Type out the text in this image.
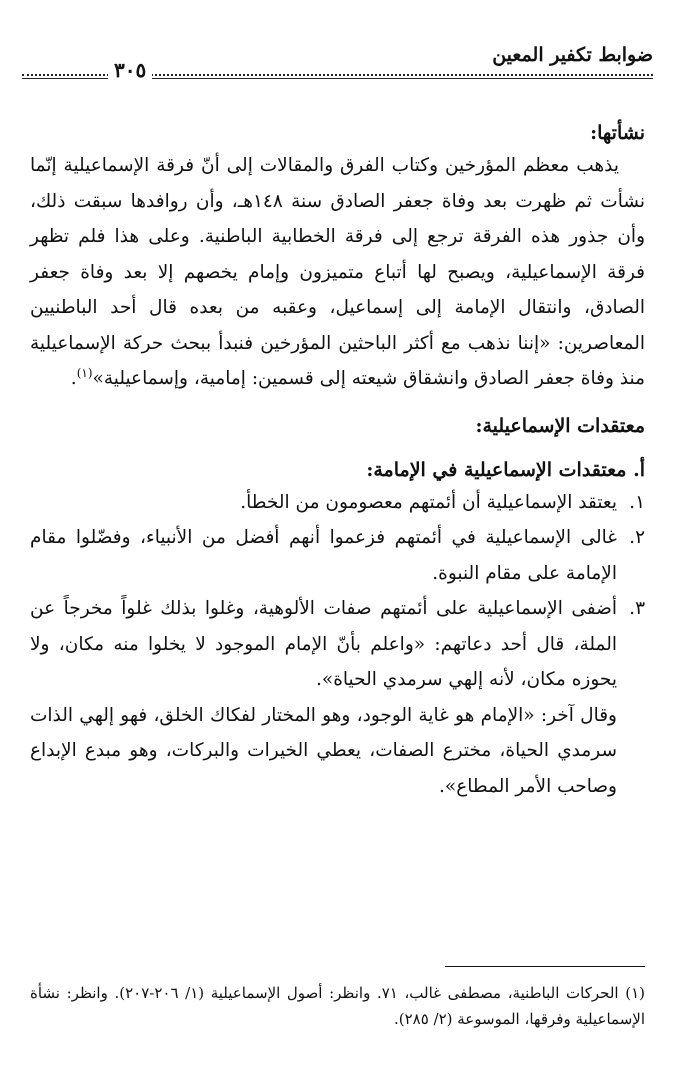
ضوابط تكفير المعين
٣٠٥
نشأتها:

يذهب معظم المؤرخين وكتاب الفرق والمقالات إلى أنّ فرقة الإسماعيلية إنّما نشأت ثم ظهرت بعد وفاة جعفر الصادق سنة ١٤٨هـ، وأن روافدها سبقت ذلك، وأن جذور هذه الفرقة ترجع إلى فرقة الخطابية الباطنية. وعلى هذا فلم تظهر فرقة الإسماعيلية، ويصبح لها أتباع متميزون وإمام يخصهم إلا بعد وفاة جعفر الصادق، وانتقال الإمامة إلى إسماعيل، وعقبه من بعده قال أحد الباطنيين المعاصرين: «إننا نذهب مع أكثر الباحثين المؤرخين فنبدأ ببحث حركة الإسماعيلية منذ وفاة جعفر الصادق وانشقاق شيعته إلى قسمين: إمامية، وإسماعيلية»$^{(١)}$.

معتقدات الإسماعيلية:
أ. معتقدات الإسماعيلية في الإمامة:
١.
يعتقد الإسماعيلية أن أئمتهم معصومون من الخطأ.
٢.
غالى الإسماعيلية في أئمتهم فزعموا أنهم أفضل من الأنبياء، وفضّلوا مقام الإمامة على مقام النبوة.
٣.
أضفى الإسماعيلية على أئمتهم صفات الألوهية، وغلوا بذلك غلواً مخرجاً عن الملة، قال أحد دعاتهم: «واعلم بأنّ الإمام الموجود لا يخلوا منه مكان، ولا يحوزه مكان، لأنه إلهي سرمدي الحياة».
وقال آخر: «الإمام هو غاية الوجود، وهو المختار لفكاك الخلق، فهو إلهي الذات سرمدي الحياة، مخترع الصفات، يعطي الخيرات والبركات، وهو مبدع الإبداع وصاحب الأمر المطاع».
(١) الحركات الباطنية، مصطفى غالب، ٧١. وانظر: أصول الإسماعيلية (١/ ٢٠٦-٢٠٧). وانظر: نشأة الإسماعيلية وفرقها، الموسوعة (٢/ ٢٨٥).
